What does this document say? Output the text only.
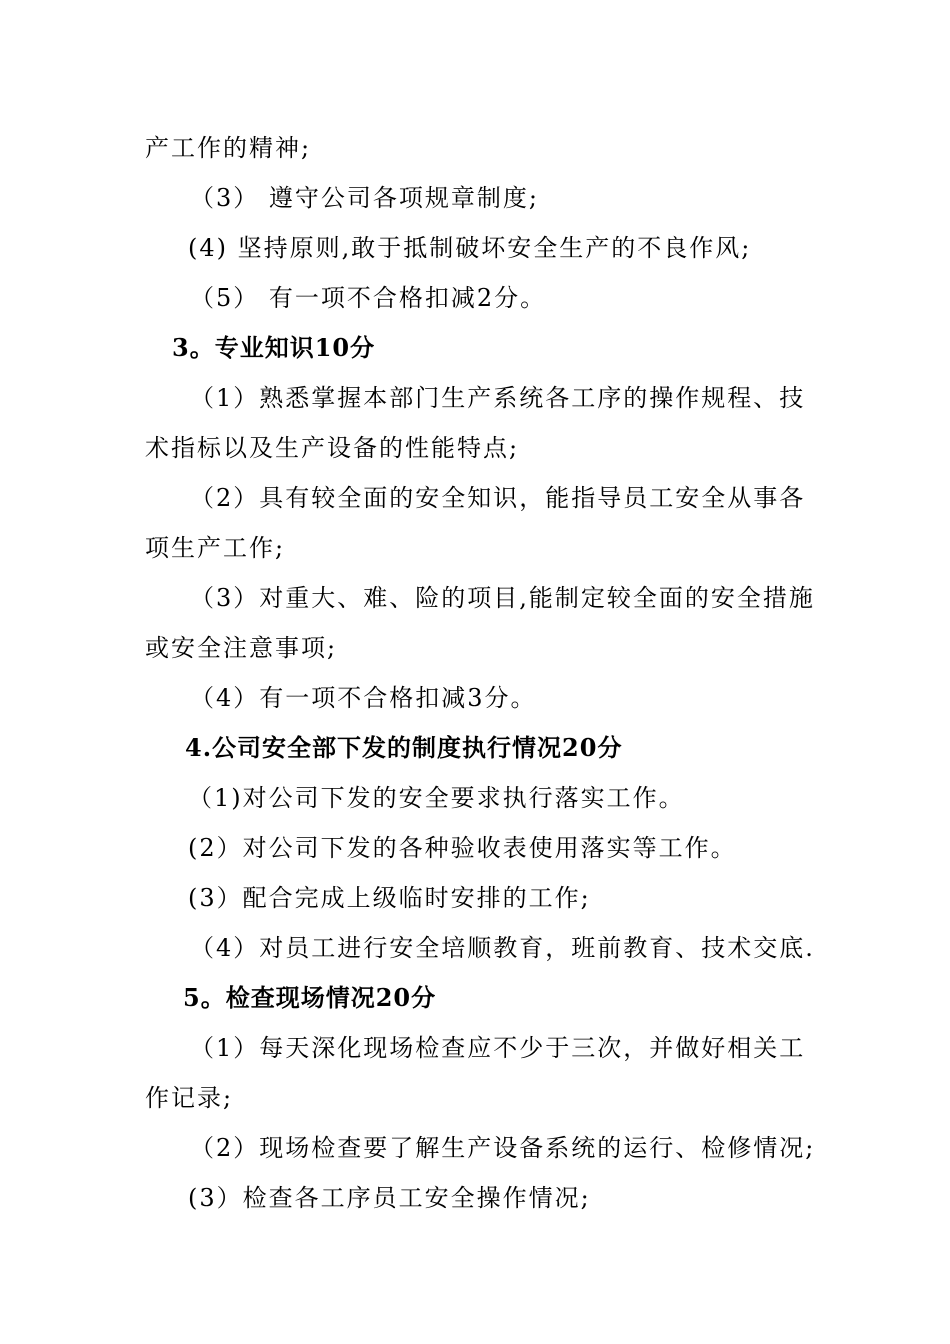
产工作的精神;
（3） 遵守公司各项规章制度;
(4) 坚持原则,敢于抵制破坏安全生产的不良作风;
（5） 有一项不合格扣减2分。
3。专业知识10分
（1）熟悉掌握本部门生产系统各工序的操作规程、技
术指标以及生产设备的性能特点;
（2）具有较全面的安全知识，能指导员工安全从事各
项生产工作;
（3）对重大、难、险的项目,能制定较全面的安全措施
或安全注意事项;
（4）有一项不合格扣减3分。
4.公司安全部下发的制度执行情况20分
（1)对公司下发的安全要求执行落实工作。
(2）对公司下发的各种验收表使用落实等工作。
(3）配合完成上级临时安排的工作;
（4）对员工进行安全培顺教育，班前教育、技术交底.
5。检查现场情况20分
（1）每天深化现场检查应不少于三次，并做好相关工
作记录;
（2）现场检查要了解生产设备系统的运行、检修情况;
(3）检查各工序员工安全操作情况;
